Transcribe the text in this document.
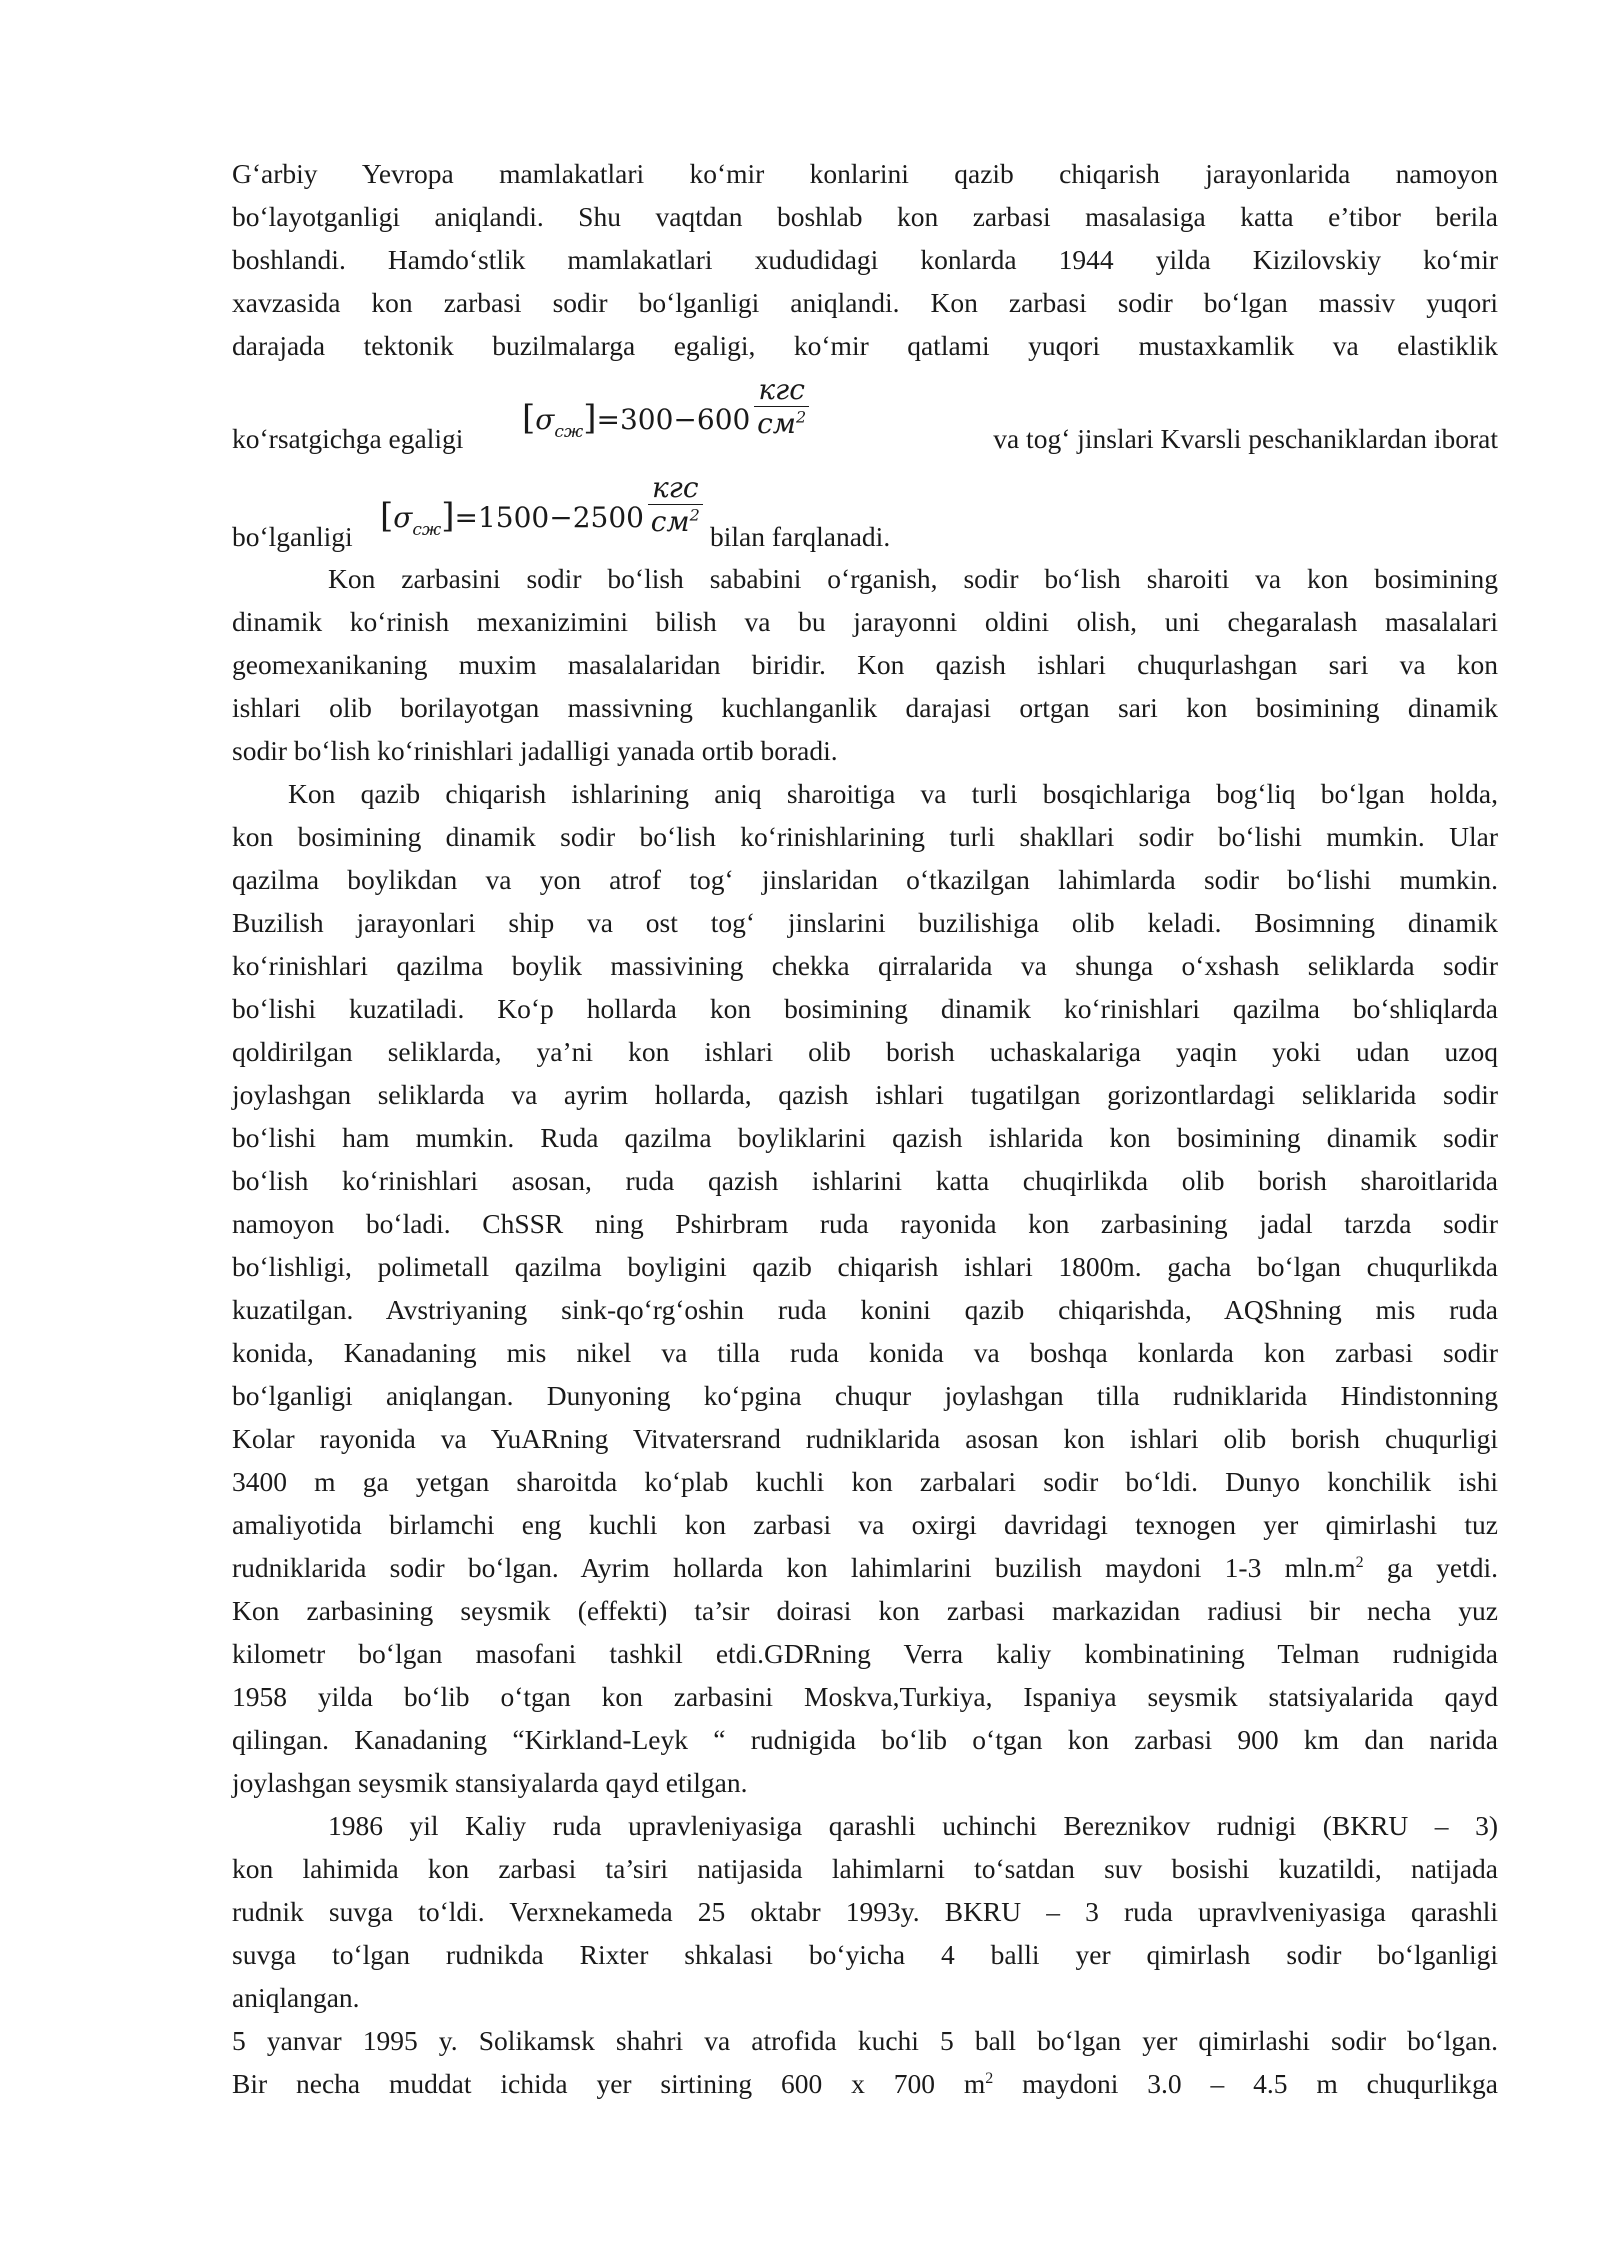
G‘arbiy Yevropa mamlakatlari ko‘mir konlarini qazib chiqarish jarayonlarida namoyon
bo‘layotganligi aniqlandi. Shu vaqtdan boshlab kon zarbasi masalasiga katta e’tibor berila
boshlandi. Hamdo‘stlik mamlakatlari xududidagi konlarda 1944 yilda Kizilovskiy ko‘mir
xavzasida kon zarbasi sodir bo‘lganligi aniqlandi. Kon zarbasi sodir bo‘lgan massiv yuqori
darajada tektonik buzilmalarga egaligi, ko‘mir qatlami yuqori mustaxkamlik va elastiklik
ko‘rsatgichga egaligi
$[\sigma_{сж}]=300-600 \frac{\text{кгс}}{см^2}$	va tog‘ jinslari Kvarsli peschaniklardan iborat
bo‘lganligi
$[\sigma_{сж}]=1500-2500 \frac{\text{кгс}}{см^2}$ bilan farqlanadi.
Kon zarbasini sodir bo‘lish sababini o‘rganish, sodir bo‘lish sharoiti va kon bosimining
dinamik ko‘rinish mexanizimini bilish va bu jarayonni oldini olish, uni chegaralash masalalari
geomexanikaning muxim masalalaridan biridir. Kon qazish ishlari chuqurlashgan sari va kon
ishlari olib borilayotgan massivning kuchlanganlik darajasi ortgan sari kon bosimining dinamik
sodir bo‘lish ko‘rinishlari jadalligi yanada ortib boradi.
Kon qazib chiqarish ishlarining aniq sharoitiga va turli bosqichlariga bog‘liq bo‘lgan holda,
kon bosimining dinamik sodir bo‘lish ko‘rinishlarining turli shakllari sodir bo‘lishi mumkin. Ular
qazilma boylikdan va yon atrof tog‘ jinslaridan o‘tkazilgan lahimlarda sodir bo‘lishi mumkin.
Buzilish jarayonlari ship va ost tog‘ jinslarini buzilishiga olib keladi. Bosimning dinamik
ko‘rinishlari qazilma boylik massivining chekka qirralarida va shunga o‘xshash seliklarda sodir
bo‘lishi kuzatiladi. Ko‘p hollarda kon bosimining dinamik ko‘rinishlari qazilma bo‘shliqlarda
qoldirilgan seliklarda, ya’ni kon ishlari olib borish uchaskalariga yaqin yoki udan uzoq
joylashgan seliklarda va ayrim hollarda, qazish ishlari tugatilgan gorizontlardagi seliklarida sodir
bo‘lishi ham mumkin. Ruda qazilma boyliklarini qazish ishlarida kon bosimining dinamik sodir
bo‘lish ko‘rinishlari asosan, ruda qazish ishlarini katta chuqirlikda olib borish sharoitlarida
namoyon bo‘ladi. ChSSR ning Pshirbram ruda rayonida kon zarbasining jadal tarzda sodir
bo‘lishligi, polimetall qazilma boyligini qazib chiqarish ishlari 1800m. gacha bo‘lgan chuqurlikda
kuzatilgan. Avstriyaning sink-qo‘rg‘oshin ruda konini qazib chiqarishda, AQShning mis ruda
konida, Kanadaning mis nikel va tilla ruda konida va boshqa konlarda kon zarbasi sodir
bo‘lganligi aniqlangan. Dunyoning ko‘pgina chuqur joylashgan tilla rudniklarida Hindistonning
Kolar rayonida va YuARning Vitvatersrand rudniklarida asosan kon ishlari olib borish chuqurligi
3400 m ga yetgan sharoitda ko‘plab kuchli kon zarbalari sodir bo‘ldi. Dunyo konchilik ishi
amaliyotida birlamchi eng kuchli kon zarbasi va oxirgi davridagi texnogen yer qimirlashi tuz
rudniklarida sodir bo‘lgan. Ayrim hollarda kon lahimlarini buzilish maydoni 1-3 $mln.m^2$ ga yetdi.
Kon zarbasining seysmik (effekti) ta’sir doirasi kon zarbasi markazidan radiusi bir necha yuz
kilometr bo‘lgan masofani tashkil etdi.GDRning Verra kaliy kombinatining Telman rudnigida
1958 yilda bo‘lib o‘tgan kon zarbasini Moskva,Turkiya, Ispaniya seysmik statsiyalarida qayd
qilingan. Kanadaning “Kirkland-Leyk “ rudnigida bo‘lib o‘tgan kon zarbasi 900 km dan narida
joylashgan seysmik stansiyalarda qayd etilgan.
1986 yil Kaliy ruda upravleniyasiga qarashli uchinchi Bereznikov rudnigi (BKRU – 3)
kon lahimida kon zarbasi ta’siri natijasida lahimlarni to‘satdan suv bosishi kuzatildi, natijada
rudnik suvga to‘ldi. Verxnekameda 25 oktabr 1993y. BKRU – 3 ruda upravlveniyasiga qarashli
suvga to‘lgan rudnikda Rixter shkalasi bo‘yicha 4 balli yer qimirlash sodir bo‘lganligi
aniqlangan.
5 yanvar 1995 y. Solikamsk shahri va atrofida kuchi 5 ball bo‘lgan yer qimirlashi sodir bo‘lgan.
Bir necha muddat ichida yer sirtining 600 x 700 $m^2$ maydoni 3.0 – 4.5 m chuqurlikga
